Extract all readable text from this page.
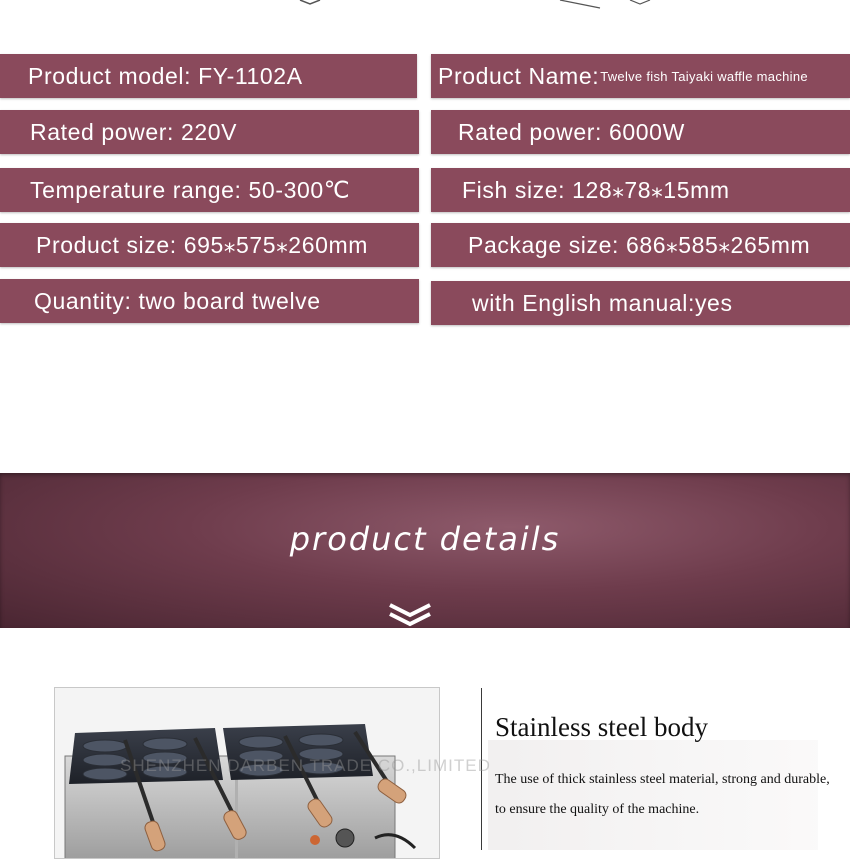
Product model:
FY-1102A
Rated power:
220V
Temperature range:
50-300℃
Product size:
695⁎575⁎260mm
Quantity:
two board twelve
Product Name: Twelve fish Taiyaki waffle machine
Rated power:
6000W
Fish size:
128⁎78⁎15mm
Package size:
686⁎585⁎265mm
with English manual: yes
product details
Stainless steel body
The use of thick stainless steel material, strong and durable,
to ensure the quality of the machine.
SHENZHEN DARBEN TRADE CO.,LIMITED
